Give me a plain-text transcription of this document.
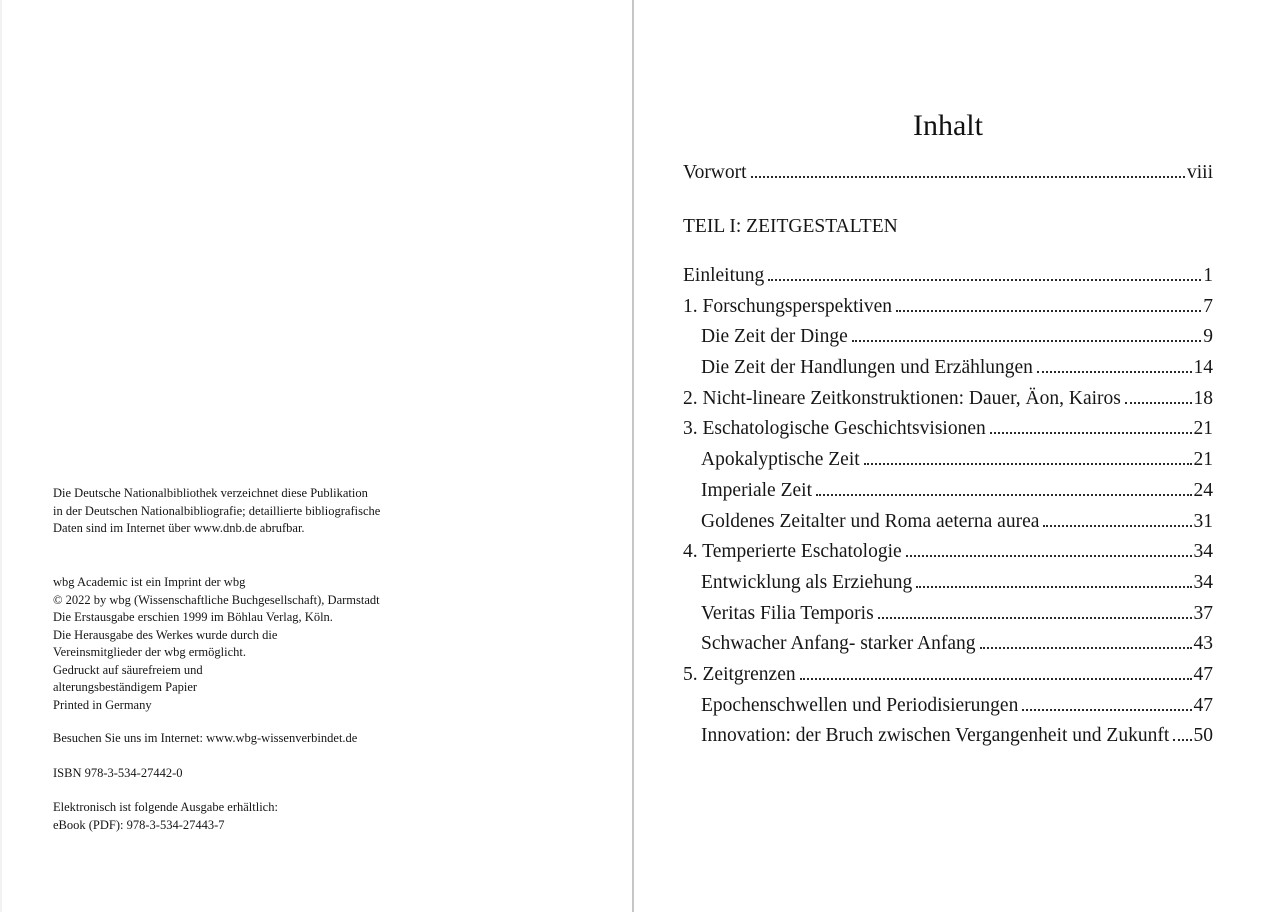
Die Deutsche Nationalbibliothek verzeichnet diese Publikation
in der Deutschen Nationalbibliografie; detaillierte bibliografische
Daten sind im Internet über www.dnb.de abrufbar.
wbg Academic ist ein Imprint der wbg
© 2022 by wbg (Wissenschaftliche Buchgesellschaft), Darmstadt
Die Erstausgabe erschien 1999 im Böhlau Verlag, Köln.
Die Herausgabe des Werkes wurde durch die
Vereinsmitglieder der wbg ermöglicht.
Gedruckt auf säurefreiem und
alterungsbeständigem Papier
Printed in Germany
Besuchen Sie uns im Internet: www.wbg-wissenverbindet.de
ISBN 978-3-534-27442-0
Elektronisch ist folgende Ausgabe erhältlich:
eBook (PDF): 978-3-534-27443-7
Inhalt
Vorwort	viii
TEIL I: ZEITGESTALTEN
Einleitung	1
1. Forschungsperspektiven	7
Die Zeit der Dinge	9
Die Zeit der Handlungen und Erzählungen	14
2. Nicht-lineare Zeitkonstruktionen: Dauer, Äon, Kairos	18
3. Eschatologische Geschichtsvisionen	21
Apokalyptische Zeit	21
Imperiale Zeit	24
Goldenes Zeitalter und Roma aeterna aurea	31
4. Temperierte Eschatologie	34
Entwicklung als Erziehung	34
Veritas Filia Temporis	37
Schwacher Anfang- starker Anfang	43
5. Zeitgrenzen	47
Epochenschwellen und Periodisierungen	47
Innovation: der Bruch zwischen Vergangenheit und Zukunft 50
